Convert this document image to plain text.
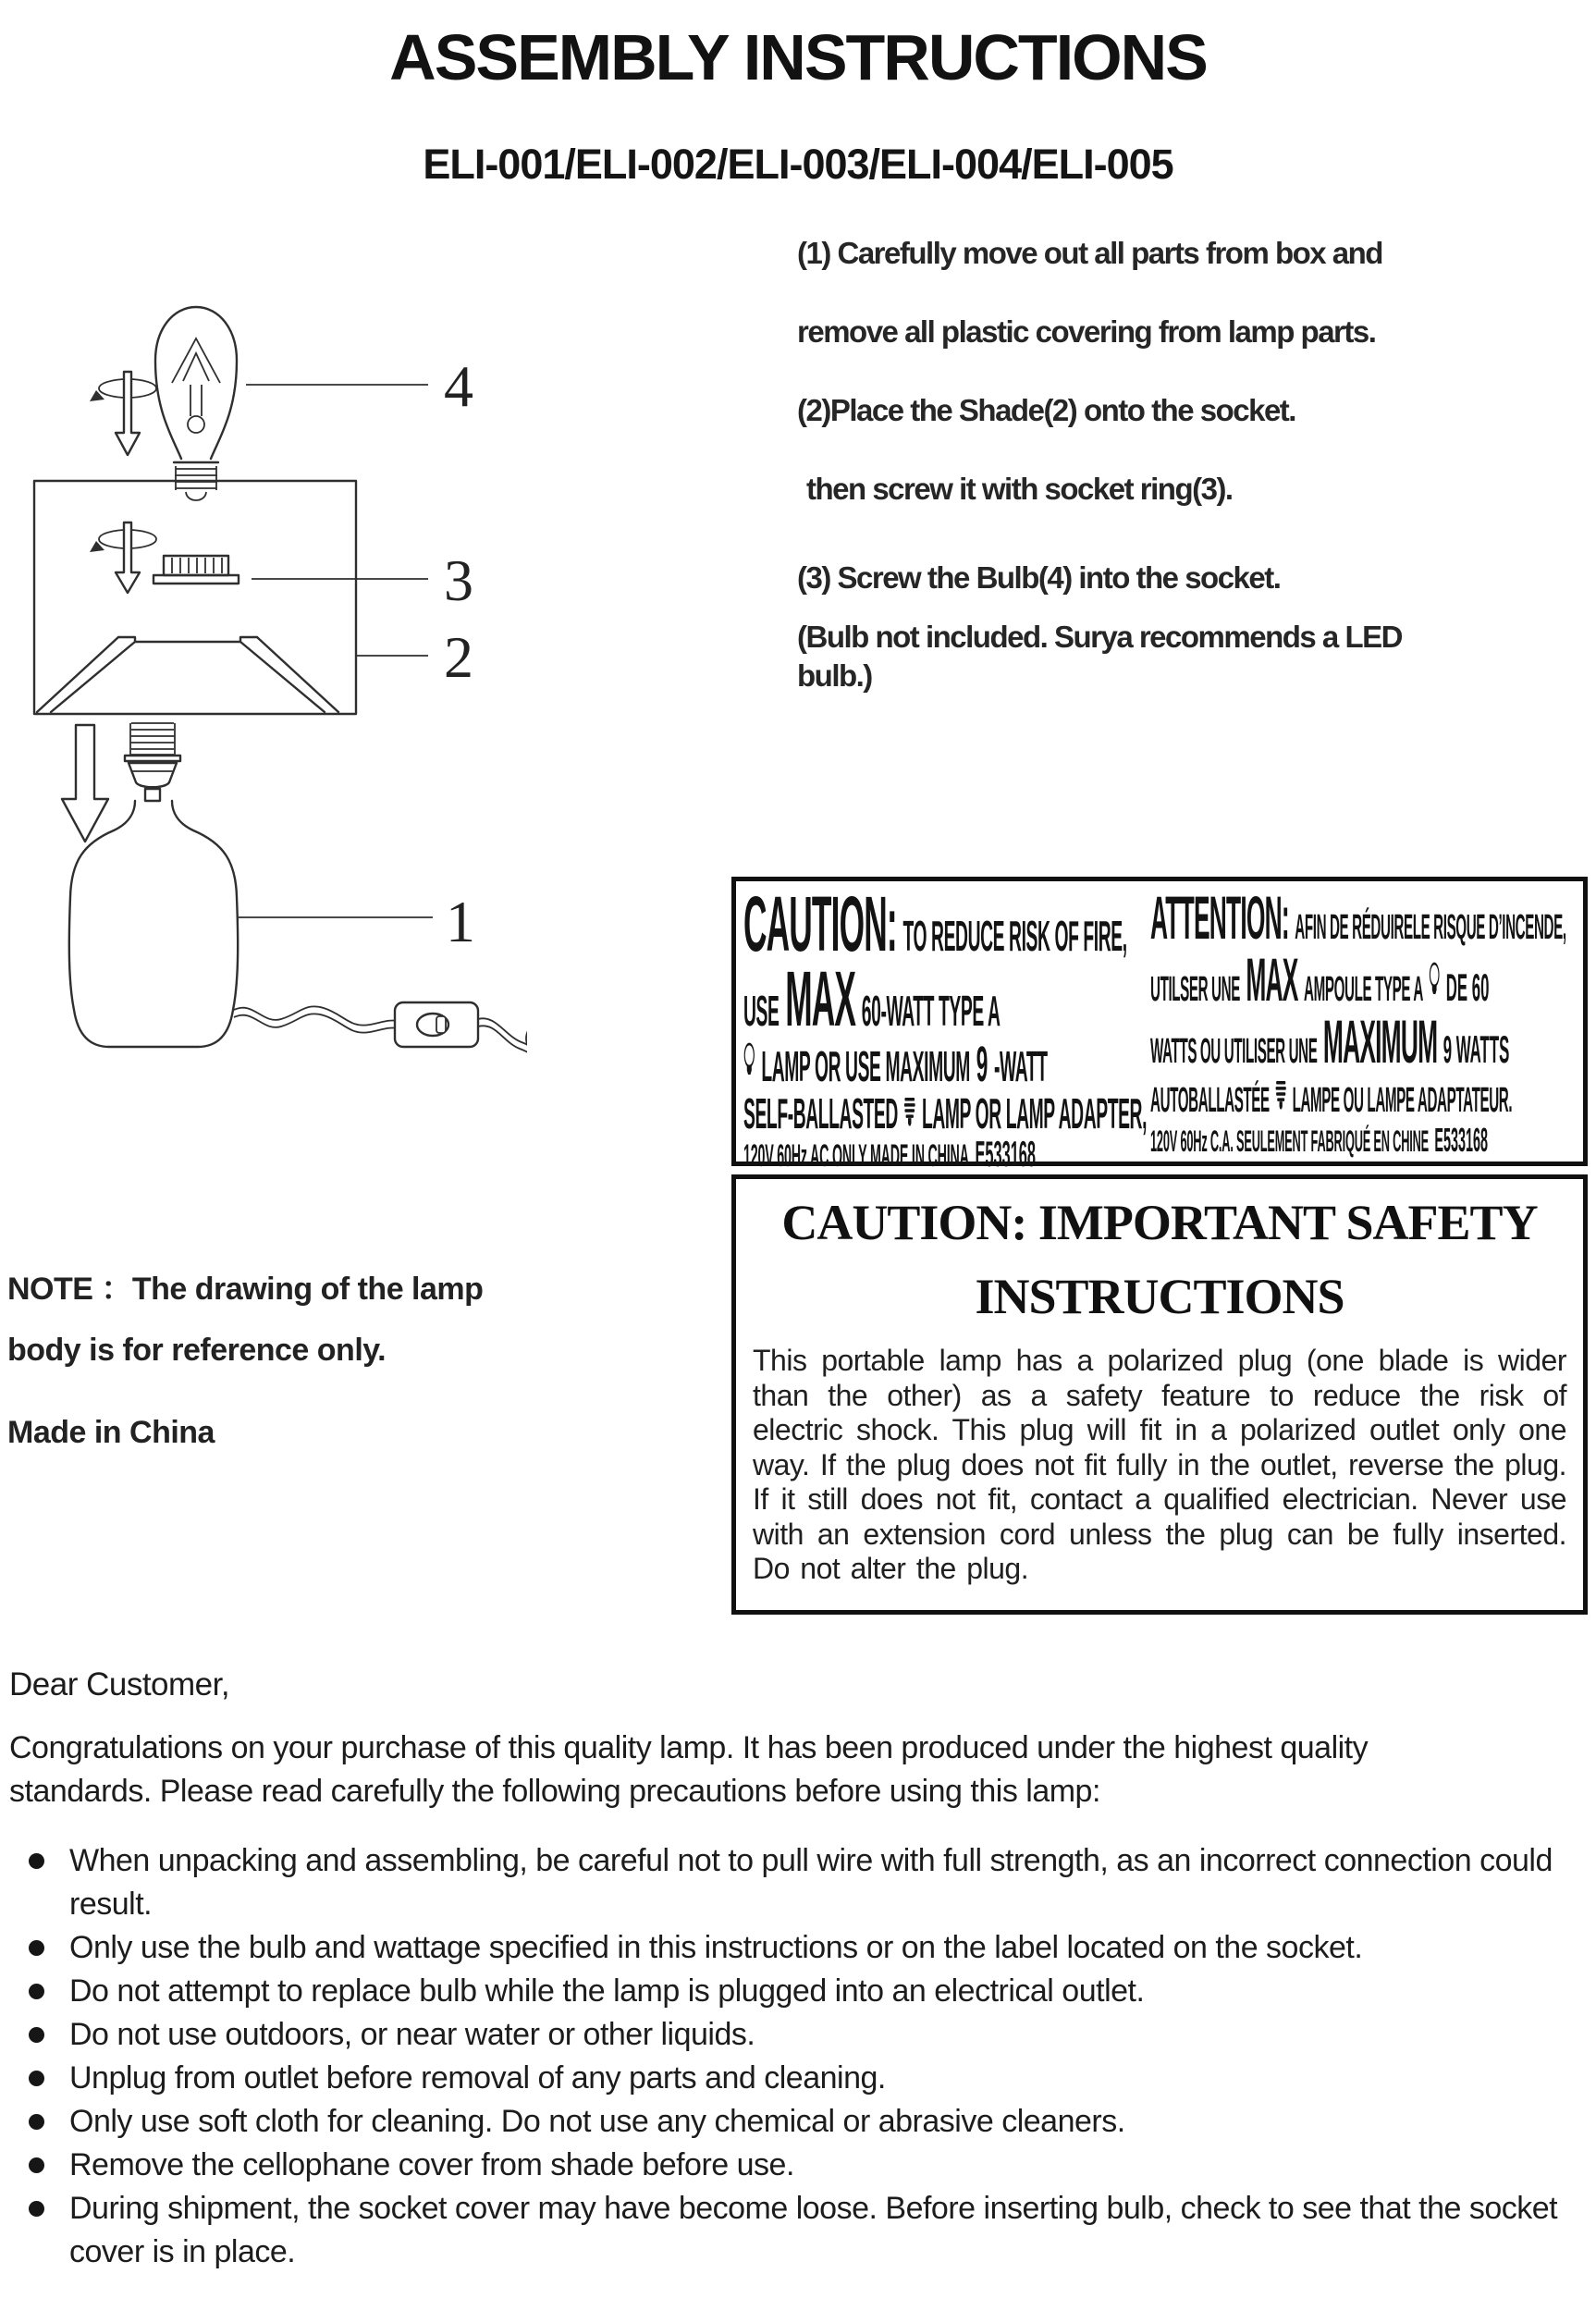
ASSEMBLY INSTRUCTIONS
ELI-001/ELI-002/ELI-003/ELI-004/ELI-005
4
3
2
1
(1) Carefully move out all parts from box and
remove all plastic covering from lamp parts.
(2)Place the Shade(2) onto the socket.
then screw it with socket ring(3).
(3) Screw the Bulb(4) into the socket.
(Bulb not included. Surya recommends a LED
bulb.)
CAUTION: TO REDUCE RISK OF FIRE,
USE MAX 60-WATT TYPE A
LAMP OR USE MAXIMUM 9 -WATT
SELF-BALLASTED LAMP OR LAMP ADAPTER,
120V 60Hz AC ONLY MADE IN CHINA E533168
ATTENTION: AFIN DE RÉDUIRELE RISQUE D’INCENDE,
UTILSER UNE MAX AMPOULE TYPE A DE 60
WATTS OU UTILISER UNE MAXIMUM 9 WATTS
AUTOBALLASTÉE LAMPE OU LAMPE ADAPTATEUR.
120V 60Hz C.A. SEULEMENT FABRIQUÉ EN CHINE E533168
CAUTION: IMPORTANT SAFETY
INSTRUCTIONS
This portable lamp has a polarized plug (one blade is wider than the other) as a safety feature to reduce the risk of electric shock. This plug will fit in a polarized outlet only one way. If the plug does not fit fully in the outlet, reverse the plug. If it still does not fit, contact a qualified electrician. Never use with an extension cord unless the plug can be fully inserted. Do not alter the plug.
NOTE ：The drawing of the lamp
body is for reference only.
Made in China
Dear Customer,
Congratulations on your purchase of this quality lamp. It has been produced under the highest quality standards. Please read carefully the following precautions before using this lamp:
When unpacking and assembling, be careful not to pull wire with full strength, as an incorrect connection could result.
Only use the bulb and wattage specified in this instructions or on the label located on the socket.
Do not attempt to replace bulb while the lamp is plugged into an electrical outlet.
Do not use outdoors, or near water or other liquids.
Unplug from outlet before removal of any parts and cleaning.
Only use soft cloth for cleaning. Do not use any chemical or abrasive cleaners.
Remove the cellophane cover from shade before use.
During shipment, the socket cover may have become loose. Before inserting bulb, check to see that the socket cover is in place.
